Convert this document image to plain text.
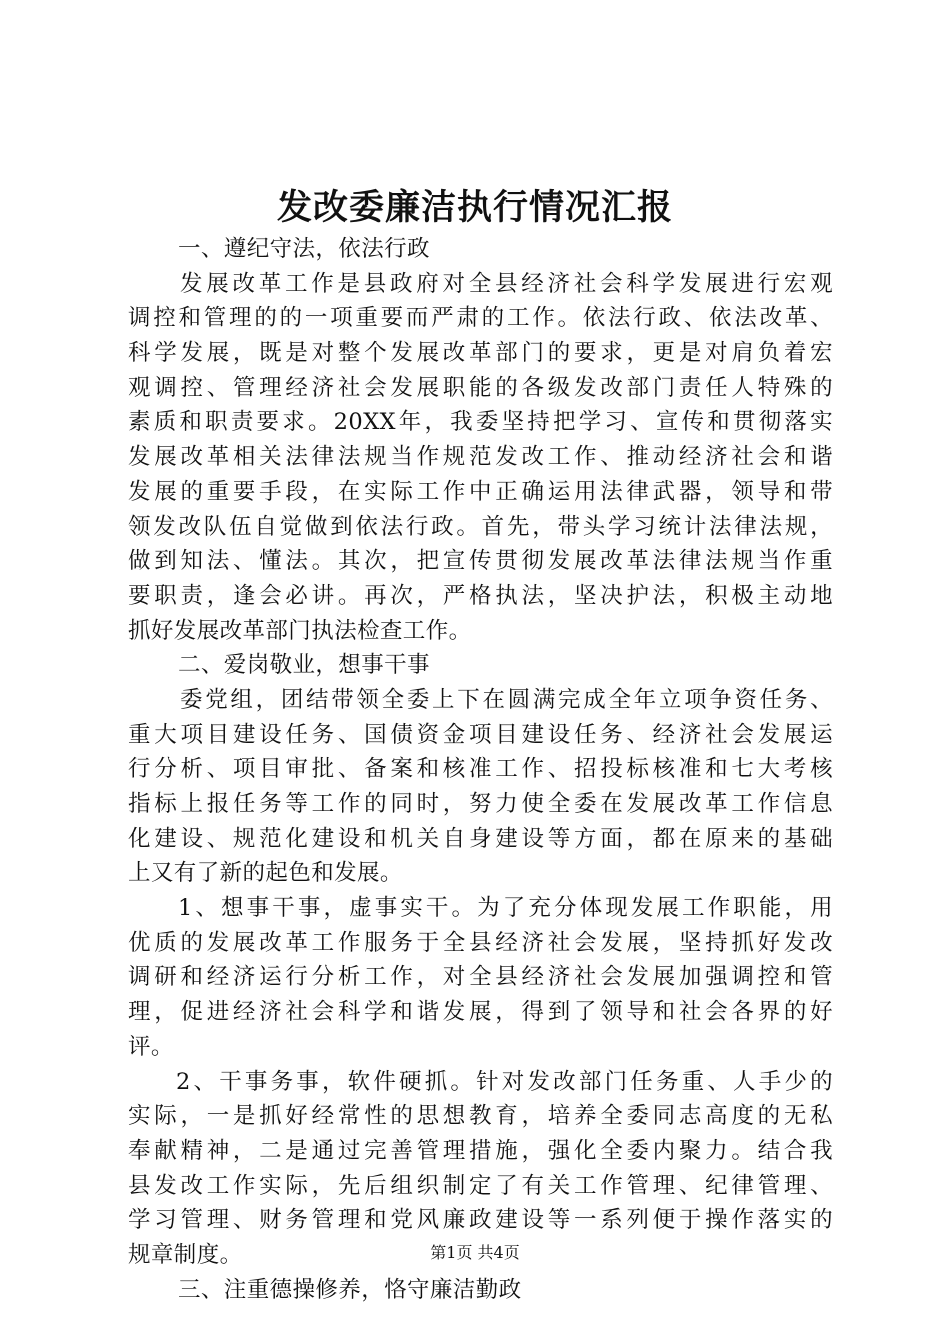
发改委廉洁执行情况汇报
一、遵纪守法，依法行政
发展改革工作是县政府对全县经济社会科学发展进行宏观
调控和管理的的一项重要而严肃的工作。依法行政、依法改革、
科学发展，既是对整个发展改革部门的要求，更是对肩负着宏
观调控、管理经济社会发展职能的各级发改部门责任人特殊的
素质和职责要求。20XX年，我委坚持把学习、宣传和贯彻落实
发展改革相关法律法规当作规范发改工作、推动经济社会和谐
发展的重要手段，在实际工作中正确运用法律武器，领导和带
领发改队伍自觉做到依法行政。首先，带头学习统计法律法规，
做到知法、懂法。其次，把宣传贯彻发展改革法律法规当作重
要职责，逢会必讲。再次，严格执法，坚决护法，积极主动地
抓好发展改革部门执法检查工作。
二、爱岗敬业，想事干事
委党组，团结带领全委上下在圆满完成全年立项争资任务、
重大项目建设任务、国债资金项目建设任务、经济社会发展运
行分析、项目审批、备案和核准工作、招投标核准和七大考核
指标上报任务等工作的同时，努力使全委在发展改革工作信息
化建设、规范化建设和机关自身建设等方面，都在原来的基础
上又有了新的起色和发展。
1、想事干事，虚事实干。为了充分体现发展工作职能，用
优质的发展改革工作服务于全县经济社会发展，坚持抓好发改
调研和经济运行分析工作，对全县经济社会发展加强调控和管
理，促进经济社会科学和谐发展，得到了领导和社会各界的好
评。
2、干事务事，软件硬抓。针对发改部门任务重、人手少的
实际，一是抓好经常性的思想教育，培养全委同志高度的无私
奉献精神，二是通过完善管理措施，强化全委内聚力。结合我
县发改工作实际，先后组织制定了有关工作管理、纪律管理、
学习管理、财务管理和党风廉政建设等一系列便于操作落实的
规章制度。
三、注重德操修养，恪守廉洁勤政
第1页 共4页
